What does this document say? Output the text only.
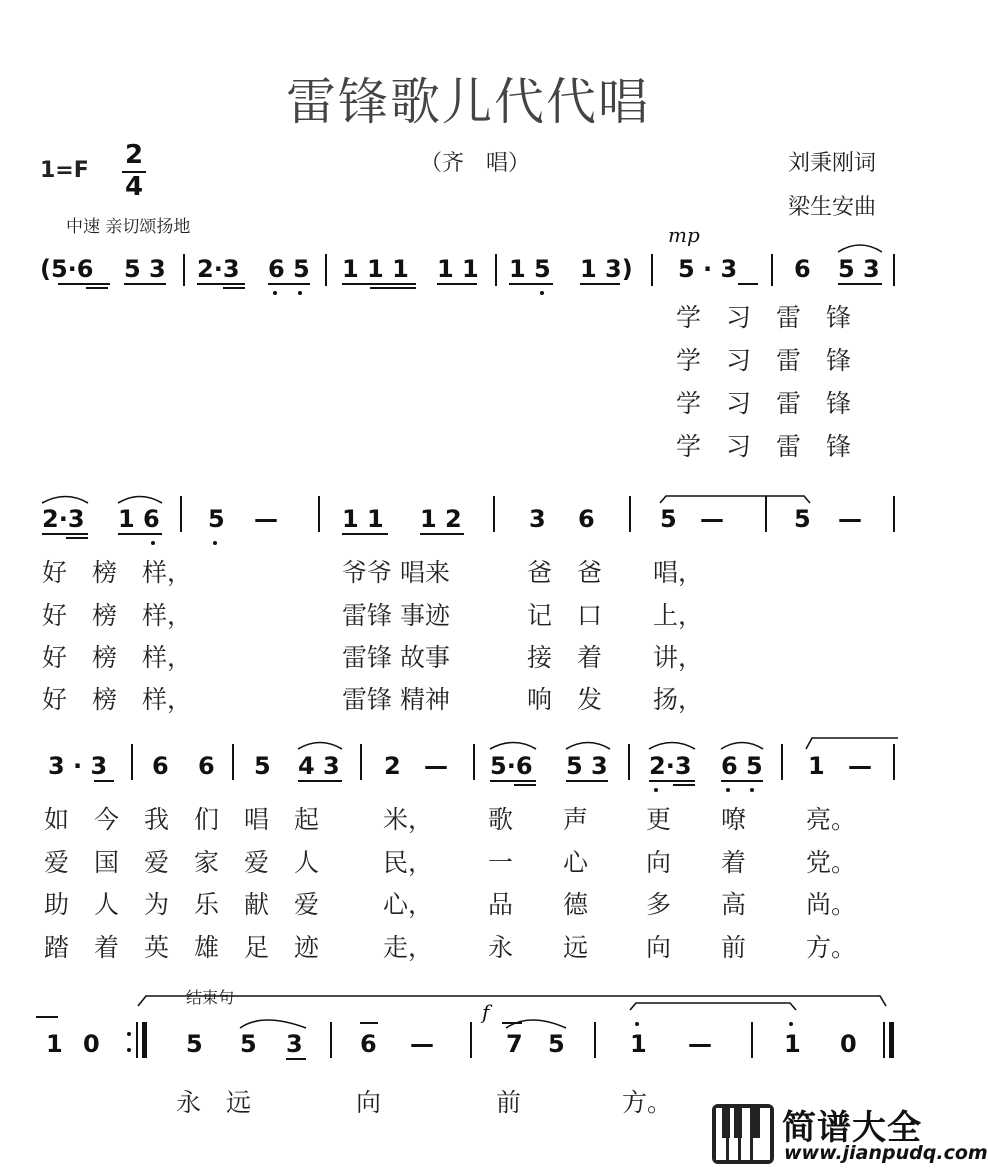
雷锋歌儿代代唱
1=F
2
4
（齐　唱）	刘秉刚词
梁生安曲
中速 亲切颂扬地	mp
(5·6 5 3 2·3 6 5 1 1 1 1 1 1 5 1 3) 5 · 3 6 5 3
学　习　雷　锋
学　习　雷　锋
学　习　雷　锋
学　习　雷　锋
2·3 1 6 5 —	1 1 1 2	3 6	5 —	5 —
好　榜　样，	爷爷 唱来	爸　爸 唱，
好　榜　样，	雷锋 事迹	记　口 上，
好　榜　样，	雷锋 故事	接　着 讲，
好　榜　样，	雷锋 精神	响　发 扬，
3 · 3 6 6 5 4 3 2 — 5·6 5 3 2·3 6 5 1 —
如　今　我　们　唱　起	米， 歌　　声 更　　嘹 亮。
爱　国　爱　家　爱　人	民， 一　　心 向　　着 党。
助　人　为　乐　献　爱	心， 品　　德 多　　高 尚。
踏　着　英　雄　足　迹	走， 永　　远 向　　前 方。
结束句
f
1 0	5 5 3 6 —	7 5	1 —	1 0
永　远	向	前	方。
简谱大全
www.jianpudq.com
